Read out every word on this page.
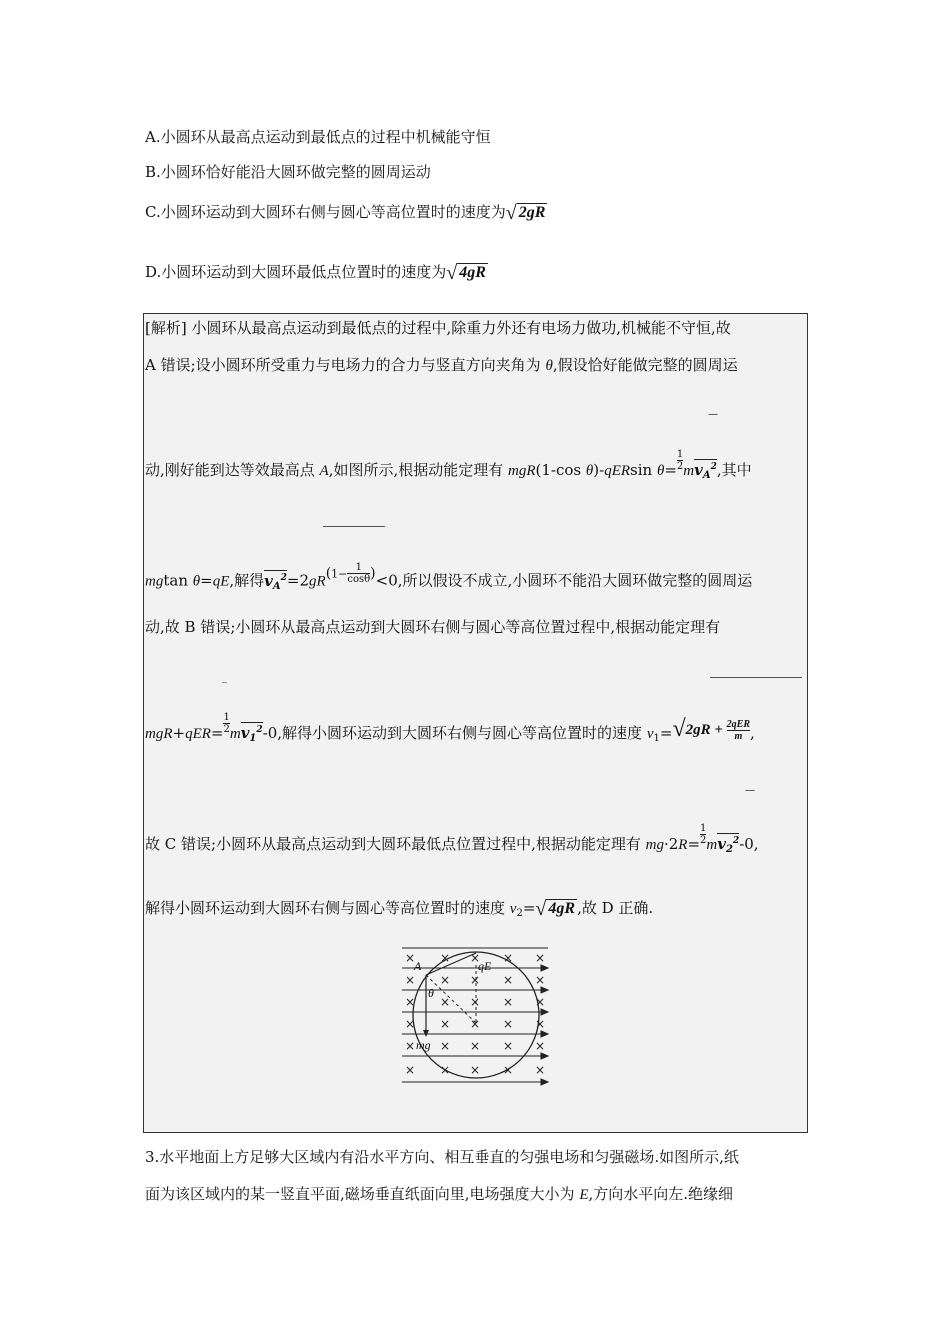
A.小圆环从最高点运动到最低点的过程中机械能守恒
B.小圆环恰好能沿大圆环做完整的圆周运动
C.小圆环运动到大圆环右侧与圆心等高位置时的速度为√ 2gR
D.小圆环运动到大圆环最低点位置时的速度为√ 4gR
[解析] 小圆环从最高点运动到最低点的过程中,除重力外还有电场力做功,机械能不守恒,故
A 错误;设小圆环所受重力与电场力的合力与竖直方向夹角为 θ,假设恰好能做完整的圆周运
—
动,刚好能到达等效最高点 A,如图所示,根据动能定理有 mgR(1-cos θ)-qERsin $\theta= \frac{1}{2} mv_A^2$,其中
mgtan θ=qE,解得$v_A^2=2gR(1- \frac{1}{\cos\theta} )<0$,所以假设不成立,小圆环不能沿大圆环做完整的圆周运
动,故 B 错误;小圆环从最高点运动到大圆环右侧与圆心等高位置过程中,根据动能定理有
_
$mgR+qER= \frac{1}{2} mv_1^2-0$,解得小圆环运动到大圆环右侧与圆心等高位置时的速度 $v_1=√2gR + \frac{\text{2qER}}{m}$ ,
—
故 C 错误;小圆环从最高点运动到大圆环最低点位置过程中,根据动能定理有 $mg\cdot 2R= \frac{1}{2} mv_2^2-0$,
解得小圆环运动到大圆环右侧与圆心等高位置时的速度 $v_2=√$ 4gR ,故 D 正确.
× × × × ×
× × × × ×
× × × × ×
× × × × ×
× × × × ×
× × × × ×
A	qE
θ
mg
3.水平地面上方足够大区域内有沿水平方向、相互垂直的匀强电场和匀强磁场.如图所示,纸
面为该区域内的某一竖直平面,磁场垂直纸面向里,电场强度大小为 E,方向水平向左.绝缘细
